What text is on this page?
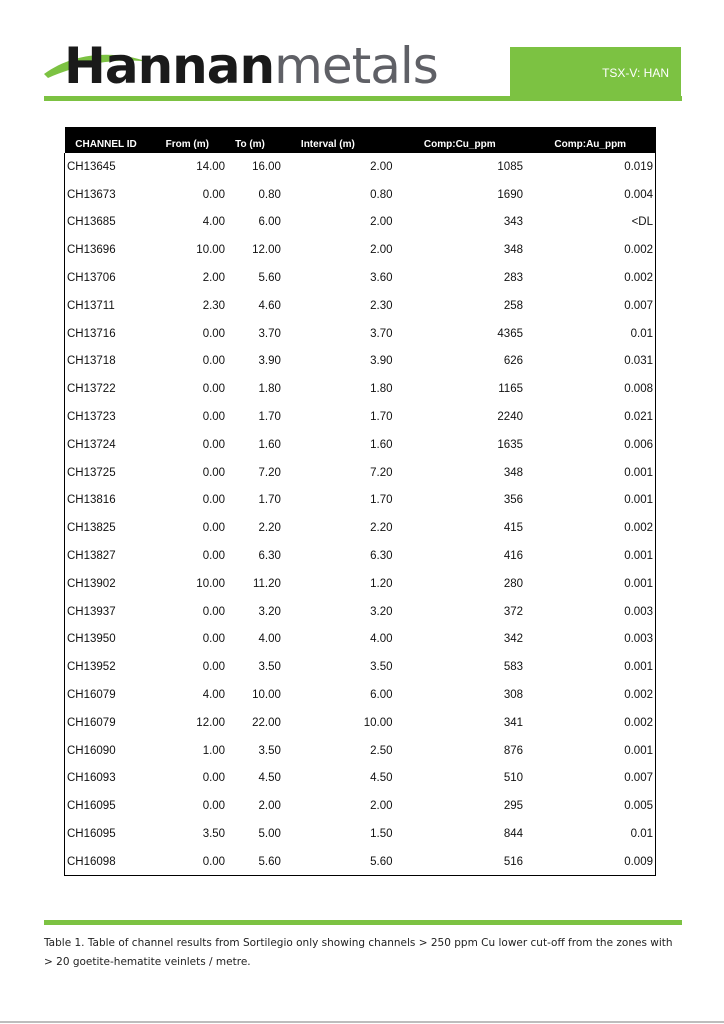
Hannanmetals	TSX-V: HAN
CHANNEL ID	From (m)	To (m)	Interval (m)	Comp:Cu_ppm	Comp:Au_ppm
CH13645	14.00	16.00	2.00	1085	0.019
CH13673	0.00	0.80	0.80	1690	0.004
CH13685	4.00	6.00	2.00	343	<DL
CH13696	10.00	12.00	2.00	348	0.002
CH13706	2.00	5.60	3.60	283	0.002
CH13711	2.30	4.60	2.30	258	0.007
CH13716	0.00	3.70	3.70	4365	0.01
CH13718	0.00	3.90	3.90	626	0.031
CH13722	0.00	1.80	1.80	1165	0.008
CH13723	0.00	1.70	1.70	2240	0.021
CH13724	0.00	1.60	1.60	1635	0.006
CH13725	0.00	7.20	7.20	348	0.001
CH13816	0.00	1.70	1.70	356	0.001
CH13825	0.00	2.20	2.20	415	0.002
CH13827	0.00	6.30	6.30	416	0.001
CH13902	10.00	11.20	1.20	280	0.001
CH13937	0.00	3.20	3.20	372	0.003
CH13950	0.00	4.00	4.00	342	0.003
CH13952	0.00	3.50	3.50	583	0.001
CH16079	4.00	10.00	6.00	308	0.002
CH16079	12.00	22.00	10.00	341	0.002
CH16090	1.00	3.50	2.50	876	0.001
CH16093	0.00	4.50	4.50	510	0.007
CH16095	0.00	2.00	2.00	295	0.005
CH16095	3.50	5.00	1.50	844	0.01
CH16098	0.00	5.60	5.60	516	0.009
Table 1. Table of channel results from Sortilegio only showing channels > 250 ppm Cu lower cut-off from the zones with > 20 goetite-hematite veinlets / metre.
